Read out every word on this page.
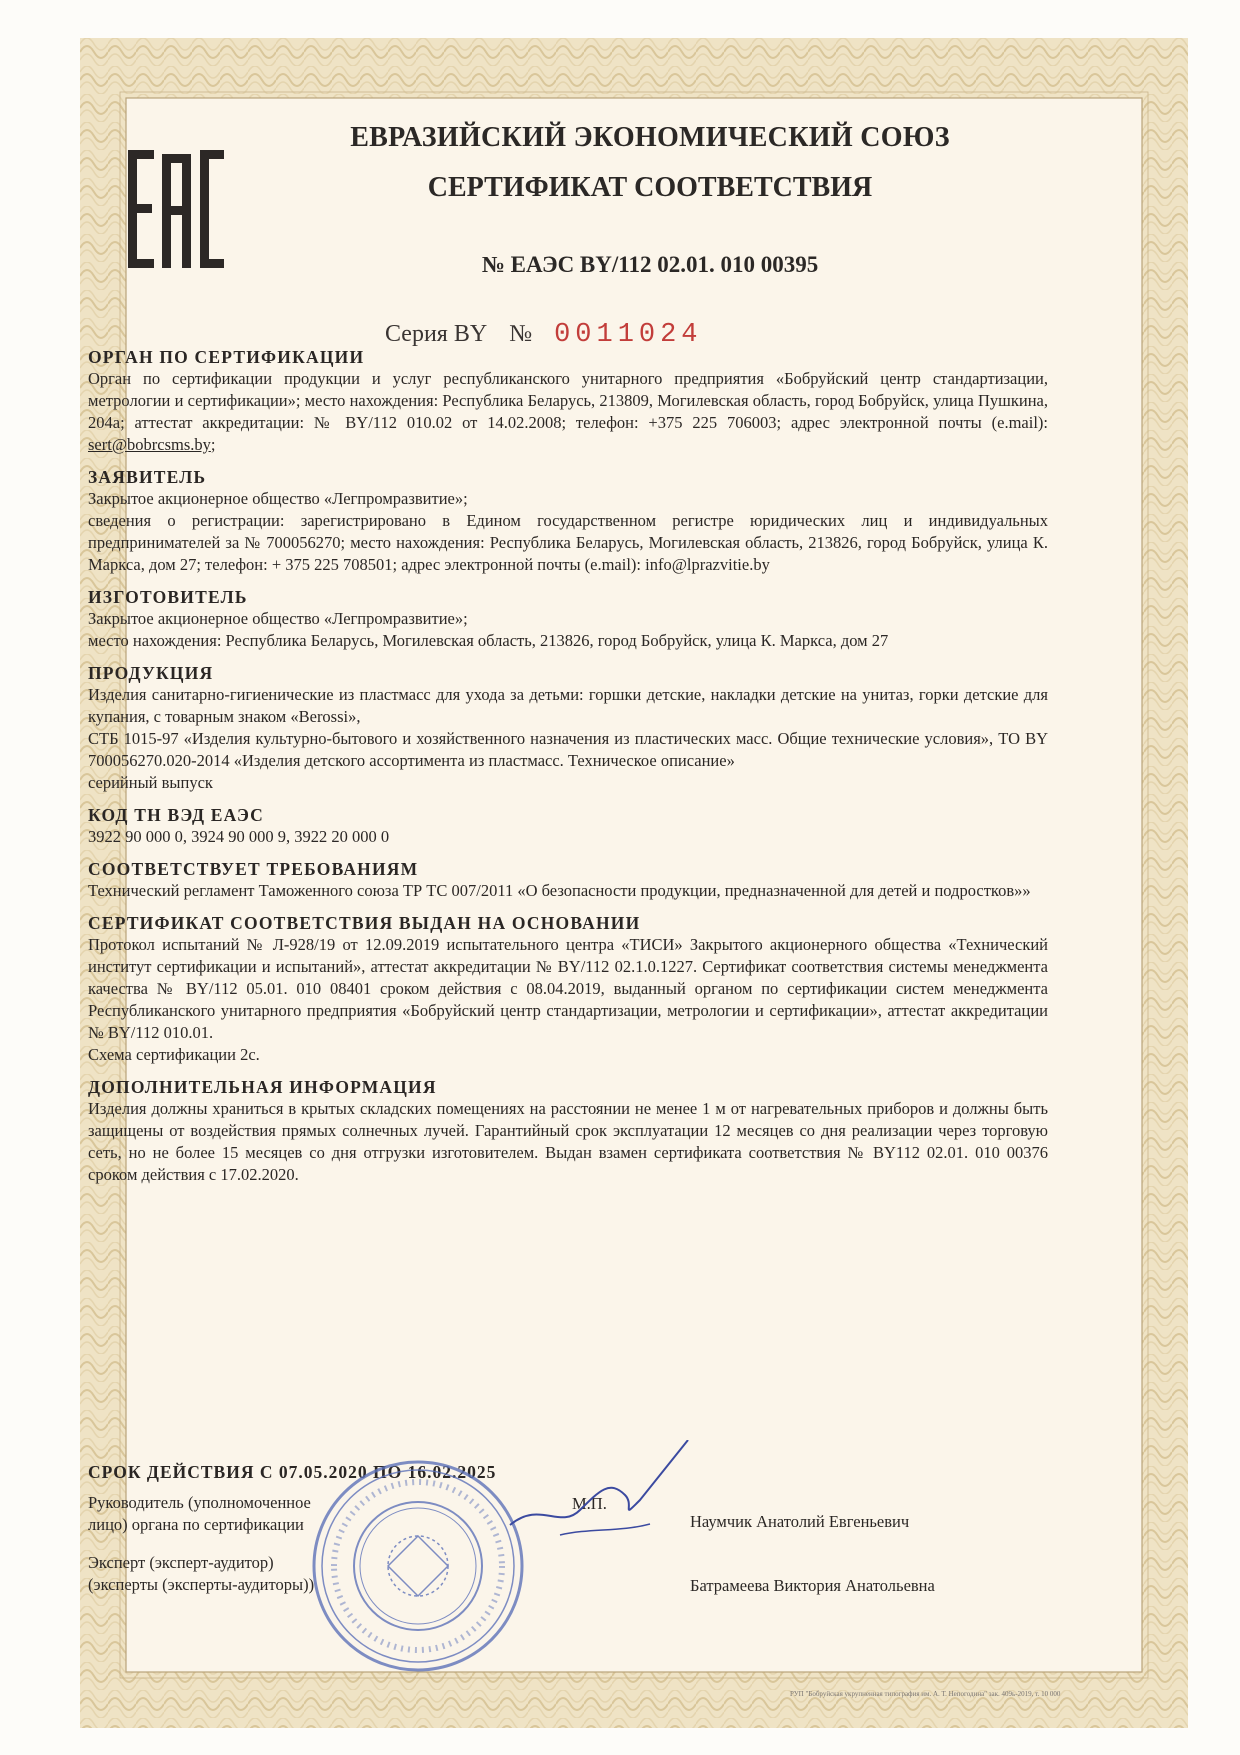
ЕВРАЗИЙСКИЙ ЭКОНОМИЧЕСКИЙ СОЮЗ
СЕРТИФИКАТ СООТВЕТСТВИЯ
№ ЕАЭС BY/112 02.01. 010 00395
Серия BY № 0011024
ОРГАН ПО СЕРТИФИКАЦИИ
Орган по сертификации продукции и услуг республиканского унитарного предприятия «Бобруйский центр стандартизации, метрологии и сертификации»; место нахождения: Республика Беларусь, 213809, Могилевская область, город Бобруйск, улица Пушкина, 204а; аттестат аккредитации: № BY/112 010.02 от 14.02.2008; телефон: +375 225 706003; адрес электронной почты (e.mail): sert@bobrcsms.by;
ЗАЯВИТЕЛЬ
Закрытое акционерное общество «Легпромразвитие»;
сведения о регистрации: зарегистрировано в Едином государственном регистре юридических лиц и индивидуальных предпринимателей за № 700056270; место нахождения: Республика Беларусь, Могилевская область, 213826, город Бобруйск, улица К. Маркса, дом 27; телефон: + 375 225 708501; адрес электронной почты (e.mail): info@lprazvitie.by
ИЗГОТОВИТЕЛЬ
Закрытое акционерное общество «Легпромразвитие»;
место нахождения: Республика Беларусь, Могилевская область, 213826, город Бобруйск, улица К. Маркса, дом 27
ПРОДУКЦИЯ
Изделия санитарно-гигиенические из пластмасс для ухода за детьми: горшки детские, накладки детские на унитаз, горки детские для купания, с товарным знаком «Berossi»,
СТБ 1015-97 «Изделия культурно-бытового и хозяйственного назначения из пластических масс. Общие технические условия», ТО BY 700056270.020-2014 «Изделия детского ассортимента из пластмасс. Техническое описание»
серийный выпуск
КОД ТН ВЭД ЕАЭС
3922 90 000 0, 3924 90 000 9, 3922 20 000 0
СООТВЕТСТВУЕТ ТРЕБОВАНИЯМ
Технический регламент Таможенного союза ТР ТС 007/2011 «О безопасности продукции, предназначенной для детей и подростков»»
СЕРТИФИКАТ СООТВЕТСТВИЯ ВЫДАН НА ОСНОВАНИИ
Протокол испытаний № Л-928/19 от 12.09.2019 испытательного центра «ТИСИ» Закрытого акционерного общества «Технический институт сертификации и испытаний», аттестат аккредитации № BY/112 02.1.0.1227. Сертификат соответствия системы менеджмента качества № BY/112 05.01. 010 08401 сроком действия с 08.04.2019, выданный органом по сертификации систем менеджмента Республиканского унитарного предприятия «Бобруйский центр стандартизации, метрологии и сертификации», аттестат аккредитации № BY/112 010.01.
Схема сертификации 2с.
ДОПОЛНИТЕЛЬНАЯ ИНФОРМАЦИЯ
Изделия должны храниться в крытых складских помещениях на расстоянии не менее 1 м от нагревательных приборов и должны быть защищены от воздействия прямых солнечных лучей. Гарантийный срок эксплуатации 12 месяцев со дня реализации через торговую сеть, но не более 15 месяцев со дня отгрузки изготовителем. Выдан взамен сертификата соответствия № BY112 02.01. 010 00376 сроком действия с 17.02.2020.
СРОК ДЕЙСТВИЯ С 07.05.2020 ПО 16.02.2025
Руководитель (уполномоченное
лицо) органа по сертификации
М.П.
Наумчик Анатолий Евгеньевич
Эксперт (эксперт-аудитор)
(эксперты (эксперты-аудиторы))	Батрамеева Виктория Анатольевна
РУП "Бобруйская укрупненная типография им. А. Т. Непогодина" зак. 409ь-2019, т. 10 000
